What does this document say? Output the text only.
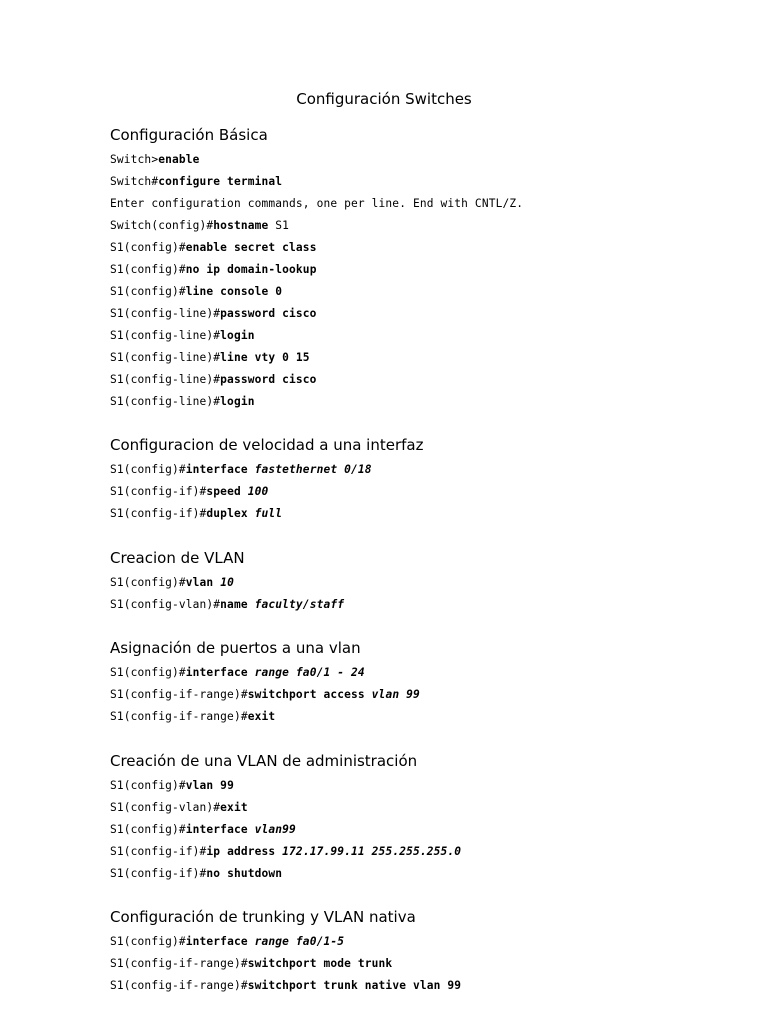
Configuración Switches
Configuración Básica
Switch>enable
Switch#configure terminal
Enter configuration commands, one per line. End with CNTL/Z.
Switch(config)#hostname S1
S1(config)#enable secret class
S1(config)#no ip domain-lookup
S1(config)#line console 0
S1(config-line)#password cisco
S1(config-line)#login
S1(config-line)#line vty 0 15
S1(config-line)#password cisco
S1(config-line)#login
Configuracion de velocidad a una interfaz
S1(config)#interface fastethernet 0/18
S1(config-if)#speed 100
S1(config-if)#duplex full
Creacion de VLAN
S1(config)#vlan 10
S1(config-vlan)#name faculty/staff
Asignación de puertos a una vlan
S1(config)#interface range fa0/1 - 24
S1(config-if-range)#switchport access vlan 99
S1(config-if-range)#exit
Creación de una VLAN de administración
S1(config)#vlan 99
S1(config-vlan)#exit
S1(config)#interface vlan99
S1(config-if)#ip address 172.17.99.11 255.255.255.0
S1(config-if)#no shutdown
Configuración de trunking y VLAN nativa
S1(config)#interface range fa0/1-5
S1(config-if-range)#switchport mode trunk
S1(config-if-range)#switchport trunk native vlan 99
